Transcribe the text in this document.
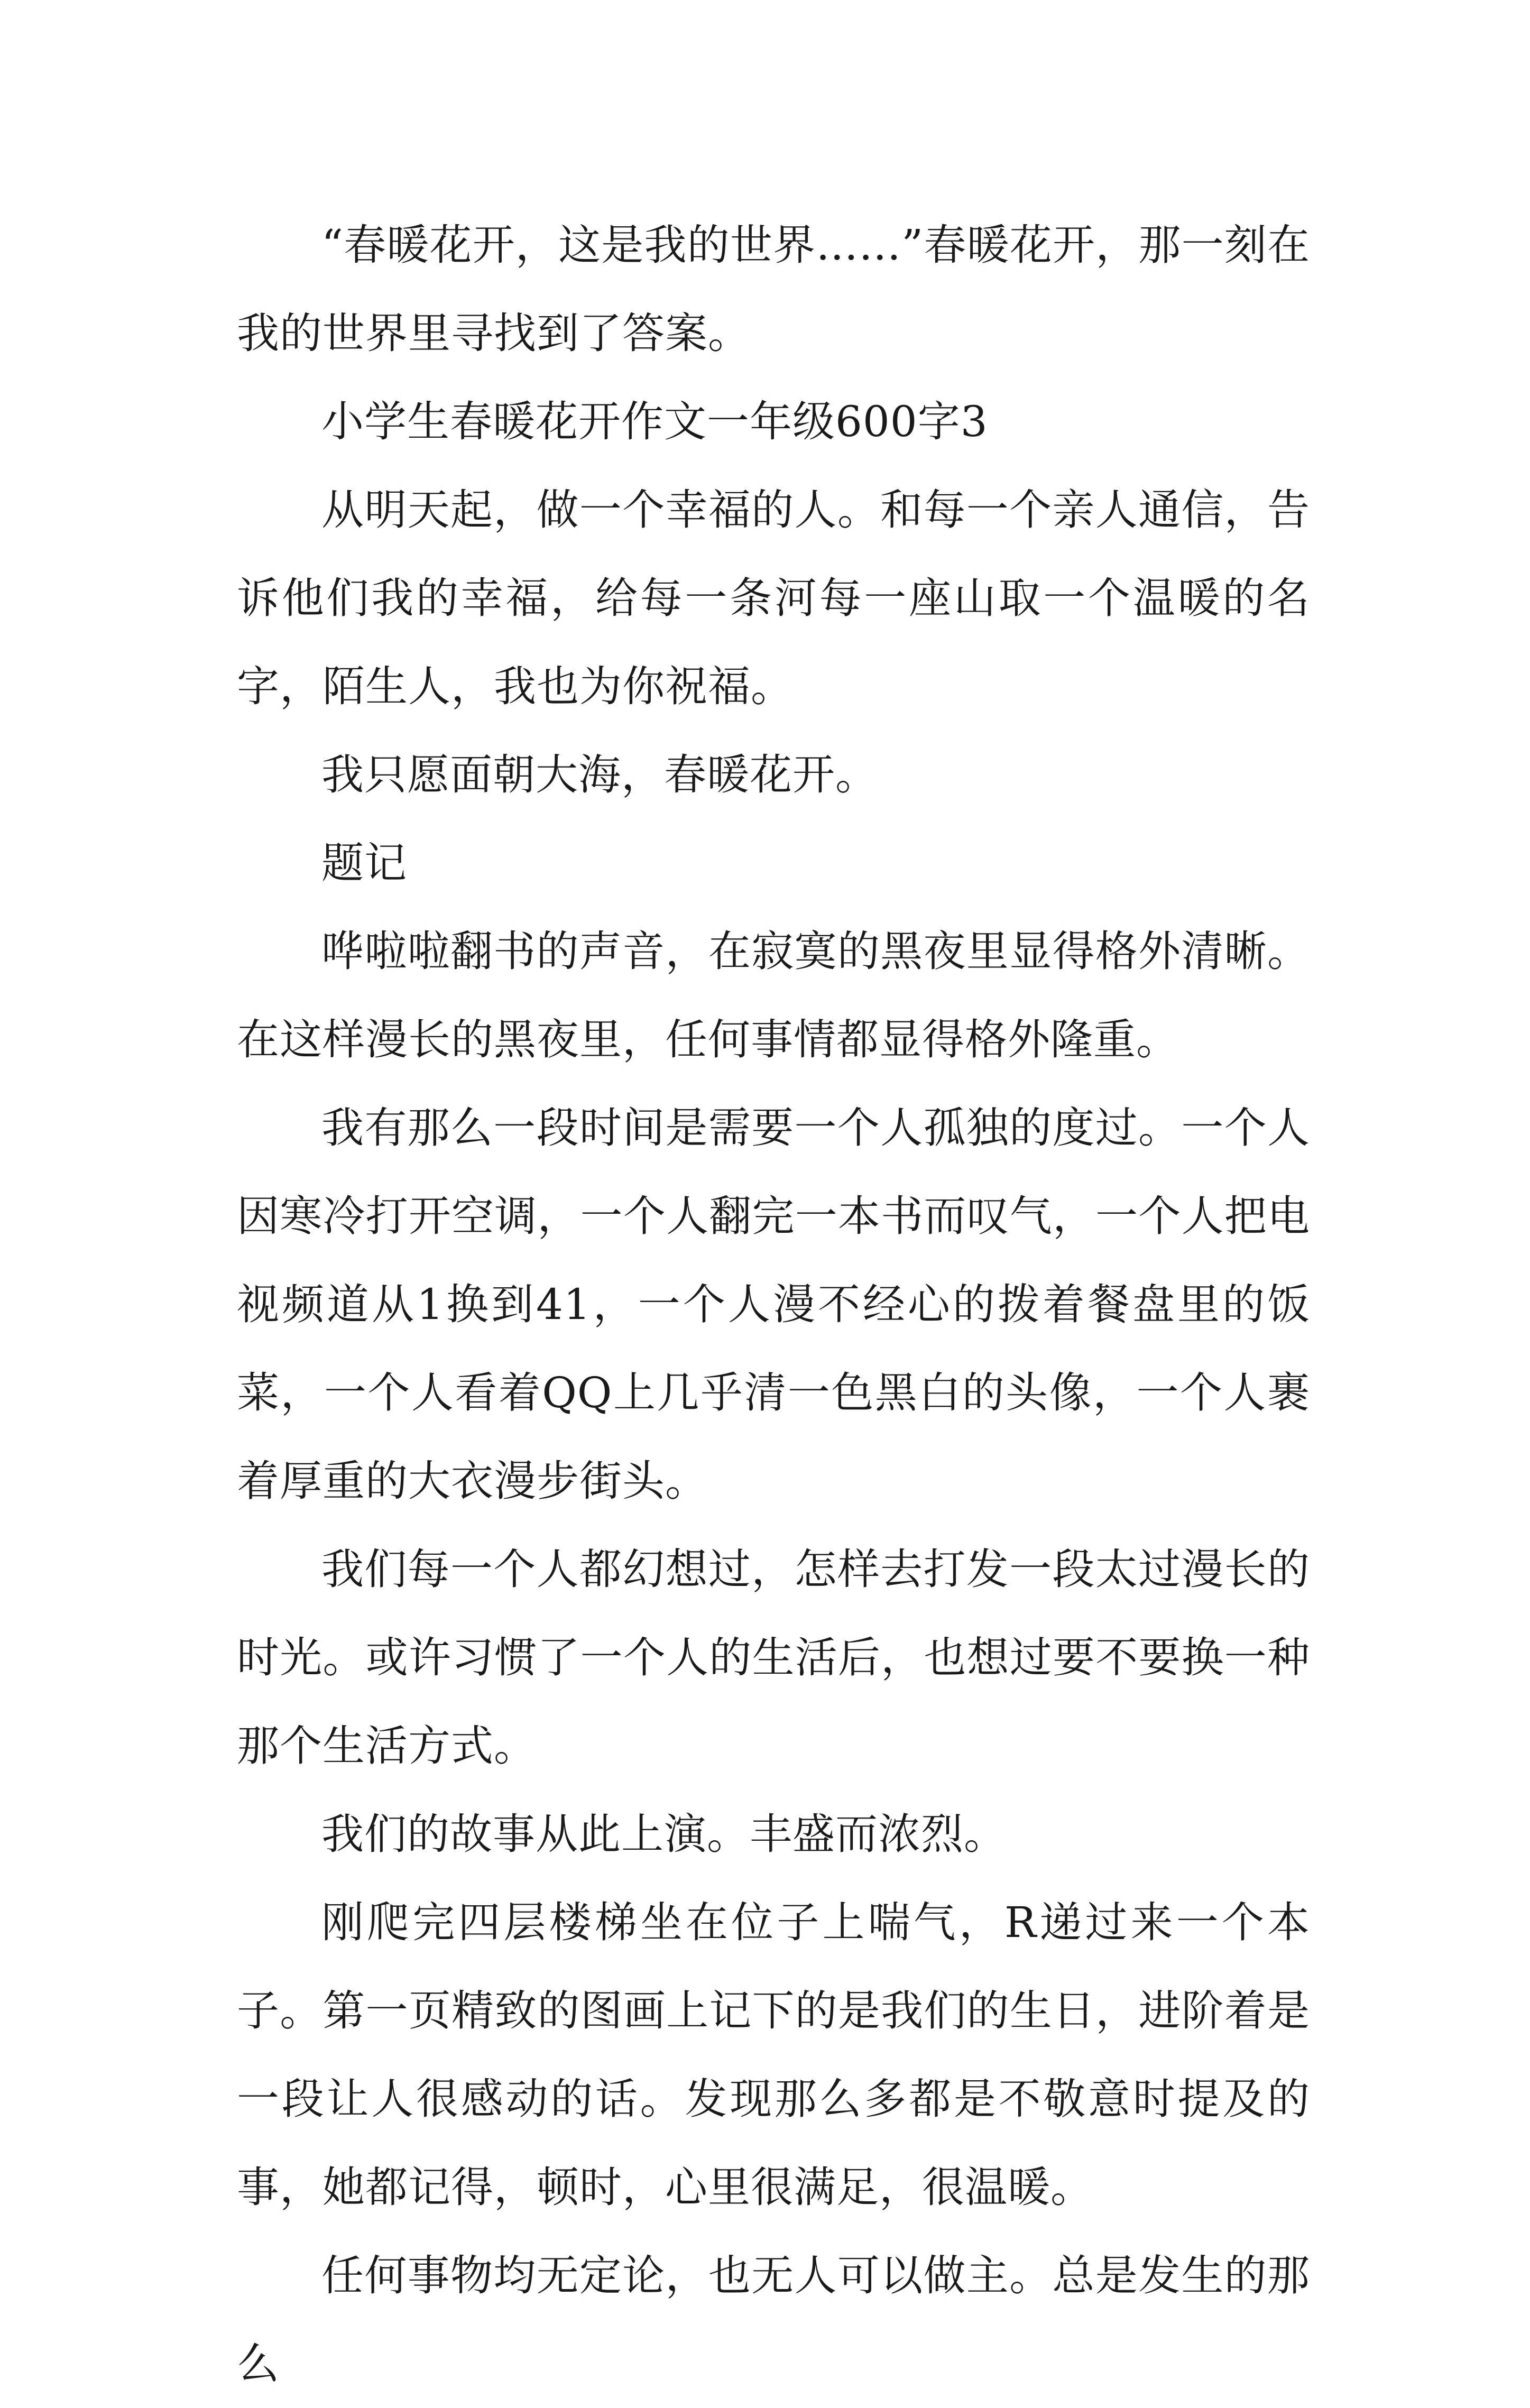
“春暖花开，这是我的世界……”春暖花开，那一刻在我的世界里寻找到了答案。

小学生春暖花开作文一年级600字3

从明天起，做一个幸福的人。和每一个亲人通信，告诉他们我的幸福，给每一条河每一座山取一个温暖的名字，陌生人，我也为你祝福。

我只愿面朝大海，春暖花开。

题记

哗啦啦翻书的声音，在寂寞的黑夜里显得格外清晰。在这样漫长的黑夜里，任何事情都显得格外隆重。

我有那么一段时间是需要一个人孤独的度过。一个人因寒冷打开空调，一个人翻完一本书而叹气，一个人把电视频道从1换到41，一个人漫不经心的拨着餐盘里的饭菜，一个人看着QQ上几乎清一色黑白的头像，一个人裹着厚重的大衣漫步街头。

我们每一个人都幻想过，怎样去打发一段太过漫长的时光。或许习惯了一个人的生活后，也想过要不要换一种那个生活方式。

我们的故事从此上演。丰盛而浓烈。

刚爬完四层楼梯坐在位子上喘气，R递过来一个本子。第一页精致的图画上记下的是我们的生日，进阶着是一段让人很感动的话。发现那么多都是不敬意时提及的事，她都记得，顿时，心里很满足，很温暖。

任何事物均无定论，也无人可以做主。总是发生的那么
